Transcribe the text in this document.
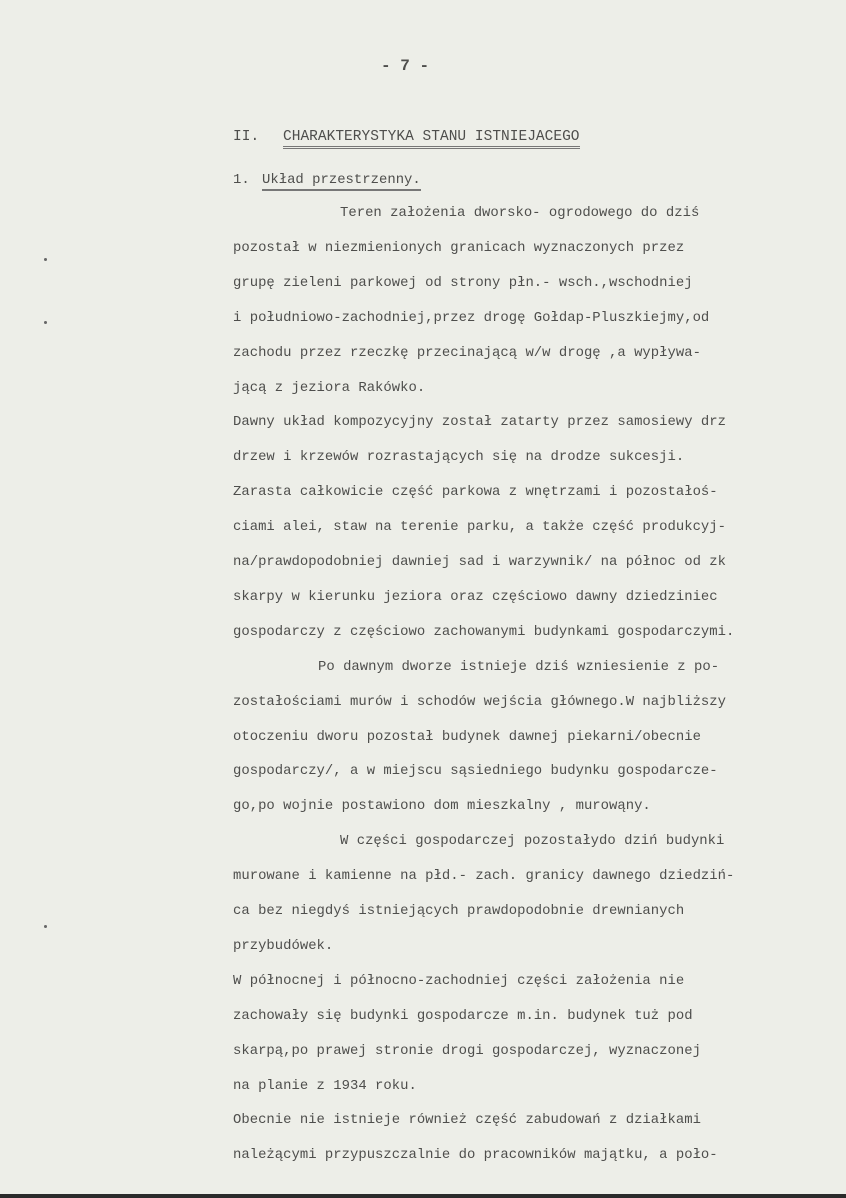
- 7 -
II. CHARAKTERYSTYKA STANU ISTNIEJACEGO
1. Układ przestrzenny.
Teren założenia dworsko- ogrodowego do dziś
pozostał w niezmienionych granicach wyznaczonych przez
grupę zieleni parkowej od strony płn.- wsch.,wschodniej
i południowo-zachodniej,przez drogę Gołdap-Pluszkiejmy,od
zachodu przez rzeczkę przecinającą w/w drogę ,a wypływa-
jącą z jeziora Rakówko.
Dawny układ kompozycyjny został zatarty przez samosiewy drz
drzew i krzewów rozrastających się na drodze sukcesji.
Zarasta całkowicie część parkowa z wnętrzami i pozostałoś-
ciami alei, staw na terenie parku, a także część produkcyj-
na/prawdopodobniej dawniej sad i warzywnik/ na północ od zk
skarpy w kierunku jeziora oraz częściowo dawny dziedziniec
gospodarczy z częściowo zachowanymi budynkami gospodarczymi.
Po dawnym dworze istnieje dziś wzniesienie z po-
zostałościami murów i schodów wejścia głównego.W najbliższy
otoczeniu dworu pozostał budynek dawnej piekarni/obecnie
gospodarczy/, a w miejscu sąsiedniego budynku gospodarcze-
go,po wojnie postawiono dom mieszkalny , murowąny.
W części gospodarczej pozostałydo dziń budynki
murowane i kamienne na płd.- zach. granicy dawnego dziedziń-
ca bez niegdyś istniejących prawdopodobnie drewnianych
przybudówek.
W północnej i północno-zachodniej części założenia nie
zachowały się budynki gospodarcze m.in. budynek tuż pod
skarpą,po prawej stronie drogi gospodarczej, wyznaczonej
na planie z 1934 roku.
Obecnie nie istnieje również część zabudowań z działkami
należącymi przypuszczalnie do pracowników majątku, a poło-
